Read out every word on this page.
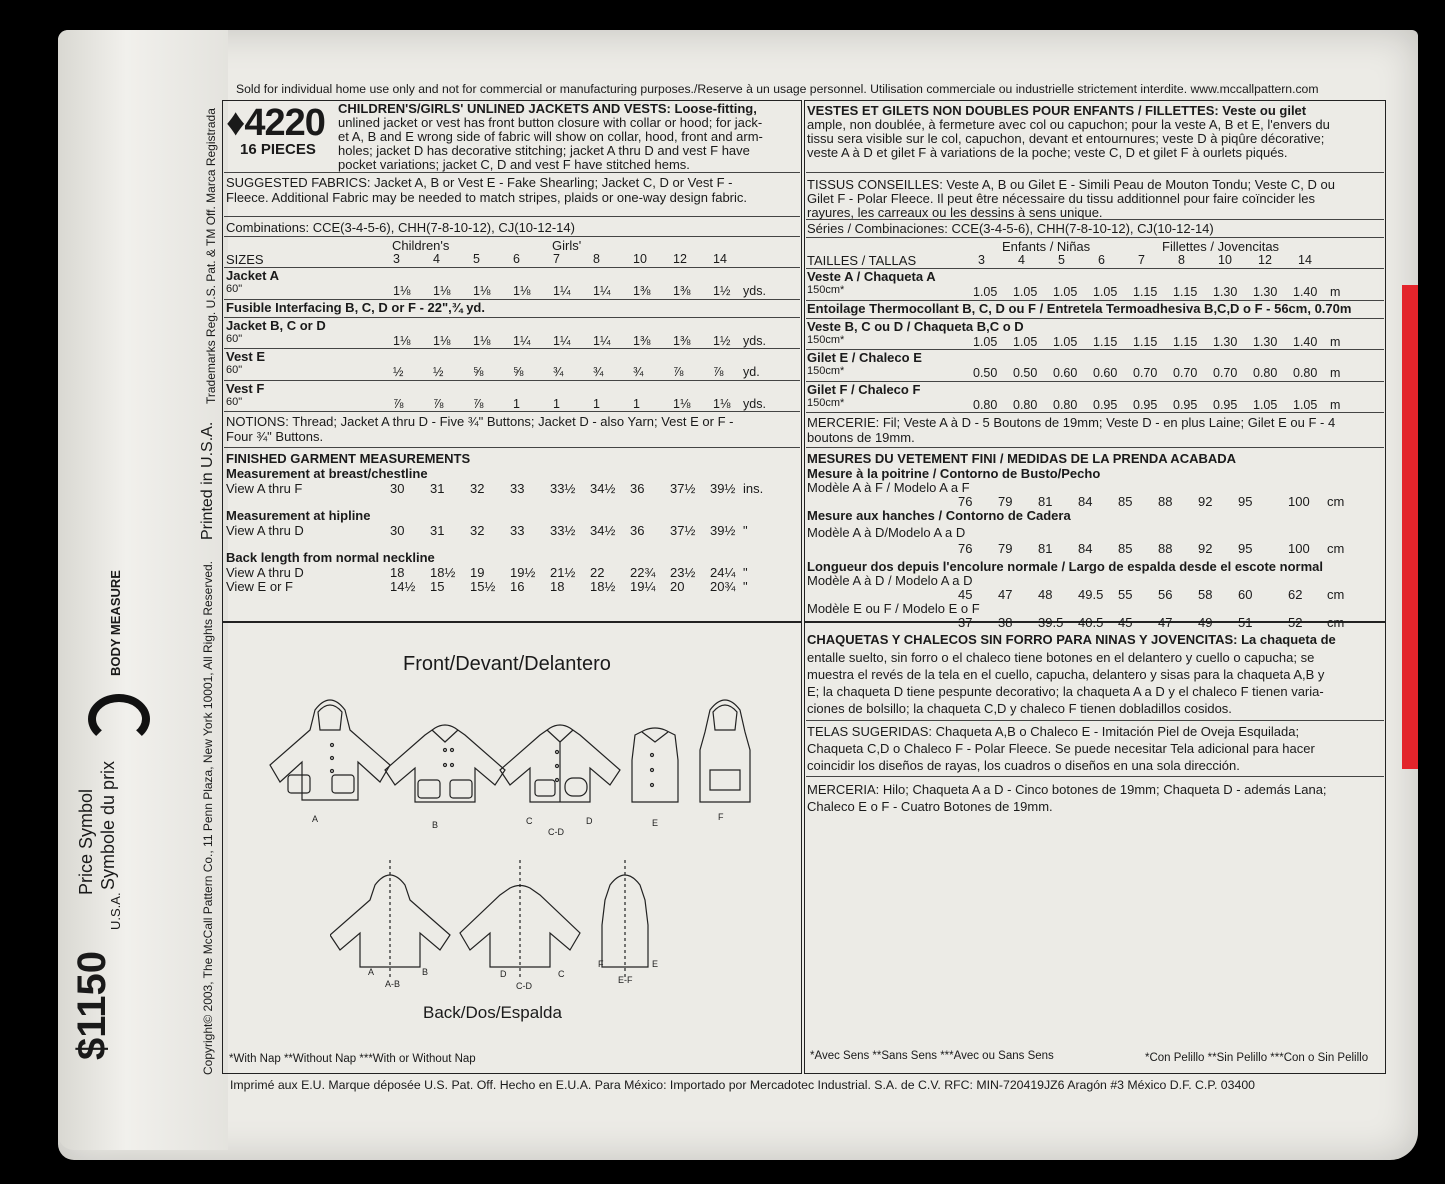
Sold for individual home use only and not for commercial or manufacturing purposes./Reserve à un usage personnel. Utilisation commerciale ou industrielle strictement interdite. www.mccallpattern.com
Trademarks Reg. U.S. Pat. & TM Off. Marca Registrada
Printed in U.S.A.
Copyright© 2003, The McCall Pattern Co., 11 Penn Plaza, New York 10001, All Rights Reserved.
$1150
U.S.A.
Price Symbol Symbole du prix
BODY MEASURE
♦4220
16 PIECES
CHILDREN'S/GIRLS' UNLINED JACKETS AND VESTS: Loose-fitting,
unlined jacket or vest has front button closure with collar or hood; for jack-
et A, B and E wrong side of fabric will show on collar, hood, front and arm-
holes; jacket D has decorative stitching; jacket A thru D and vest F have
pocket variations; jacket C, D and vest F have stitched hems.
SUGGESTED FABRICS: Jacket A, B or Vest E - Fake Shearling; Jacket C, D or Vest F -
Fleece. Additional Fabric may be needed to match stripes, plaids or one-way design fabric.
Combinations: CCE(3-4-5-6), CHH(7-8-10-12), CJ(10-12-14)
Children's	Girls'
SIZES	3	4	5	6	7	8	10 12 14
Jacket A
60"	1⅛ 1⅛ 1⅛ 1⅛ 1¼ 1¼ 1⅜ 1⅜ 1½ yds.
Fusible Interfacing B, C, D or F - 22",¾ yd.
Jacket B, C or D
60"	1⅛ 1⅛ 1⅛ 1¼ 1¼ 1¼ 1⅜ 1⅜ 1½ yds.
Vest E
60"	½ ½ ⅝ ⅝ ¾ ¾ ¾ ⅞ ⅞ yd.
Vest F
60"	⅞ ⅞ ⅞ 1	1	1	1	1⅛ 1⅛ yds.
NOTIONS: Thread; Jacket A thru D - Five ¾" Buttons; Jacket D - also Yarn; Vest E or F -
Four ¾" Buttons.
FINISHED GARMENT MEASUREMENTS
Measurement at breast/chestline
View A thru F	30 31 32 33 33½ 34½ 36 37½ 39½ ins.
Measurement at hipline
View A thru D	30 31 32 33 33½ 34½ 36 37½ 39½ "
Back length from normal neckline
View A thru D	18 18½ 19 19½ 21½ 22 22¾ 23½ 24¼ "
View E or F	14½ 15 15½ 16 18 18½ 19¼ 20 20¾ "
Front/Devant/Delantero
A
B	C
C-D
D	E
F
A
A-B
B	D
C-D
C
F
E-F
E
Back/Dos/Espalda
*With Nap **Without Nap ***With or Without Nap
VESTES ET GILETS NON DOUBLES POUR ENFANTS / FILLETTES: Veste ou gilet
ample, non doublée, à fermeture avec col ou capuchon; pour la veste A, B et E, l'envers du
tissu sera visible sur le col, capuchon, devant et entournures; veste D à piqûre décorative;
veste A à D et gilet F à variations de la poche; veste C, D et gilet F à ourlets piqués.
TISSUS CONSEILLES: Veste A, B ou Gilet E - Simili Peau de Mouton Tondu; Veste C, D ou
Gilet F - Polar Fleece. Il peut être nécessaire du tissu additionnel pour faire coïncider les
rayures, les carreaux ou les dessins à sens unique.
Séries / Combinaciones: CCE(3-4-5-6), CHH(7-8-10-12), CJ(10-12-14)
Enfants / Niñas	Fillettes / Jovencitas
TAILLES / TALLAS	3	4	5	6	7	8	10 12 14
Veste A / Chaqueta A
150cm*	1.05 1.05 1.05 1.05 1.15 1.15 1.30 1.30 1.40 m
Entoilage Thermocollant B, C, D ou F / Entretela Termoadhesiva B,C,D o F - 56cm, 0.70m
Veste B, C ou D / Chaqueta B,C o D
150cm*	1.05 1.05 1.05 1.15 1.15 1.15 1.30 1.30 1.40 m
Gilet E / Chaleco E
150cm*	0.50 0.50 0.60 0.60 0.70 0.70 0.70 0.80 0.80 m
Gilet F / Chaleco F
150cm*	0.80 0.80 0.80 0.95 0.95 0.95 0.95 1.05 1.05 m
MERCERIE: Fil; Veste A à D - 5 Boutons de 19mm; Veste D - en plus Laine; Gilet E ou F - 4
boutons de 19mm.
MESURES DU VETEMENT FINI / MEDIDAS DE LA PRENDA ACABADA
Mesure à la poitrine / Contorno de Busto/Pecho
Modèle A à F / Modelo A a F
76 79 81 84 85 88 92 95	100 cm
Mesure aux hanches / Contorno de Cadera
Modèle A à D/Modelo A a D
76 79 81 84 85 88 92 95	100 cm
Longueur dos depuis l'encolure normale / Largo de espalda desde el escote normal
Modèle A à D / Modelo A a D
45 47 48 49.5 55 56 58 60	62 cm
Modèle E ou F / Modelo E o F
37 38 39.5 40.5 45 47 49 51	52 cm
CHAQUETAS Y CHALECOS SIN FORRO PARA NINAS Y JOVENCITAS: La chaqueta de
entalle suelto, sin forro o el chaleco tiene botones en el delantero y cuello o capucha; se
muestra el revés de la tela en el cuello, capucha, delantero y sisas para la chaqueta A,B y
E; la chaqueta D tiene pespunte decorativo; la chaqueta A a D y el chaleco F tienen varia-
ciones de bolsillo; la chaqueta C,D y chaleco F tienen dobladillos cosidos.
TELAS SUGERIDAS: Chaqueta A,B o Chaleco E - Imitación Piel de Oveja Esquilada;
Chaqueta C,D o Chaleco F - Polar Fleece. Se puede necesitar Tela adicional para hacer
coincidir los diseños de rayas, los cuadros o diseños en una sola dirección.
MERCERIA: Hilo; Chaqueta A a D - Cinco botones de 19mm; Chaqueta D - además Lana;
Chaleco E o F - Cuatro Botones de 19mm.
*Avec Sens **Sans Sens ***Avec ou Sans Sens	*Con Pelillo **Sin Pelillo ***Con o Sin Pelillo
Imprimé aux E.U. Marque déposée U.S. Pat. Off. Hecho en E.U.A. Para México: Importado por Mercadotec Industrial. S.A. de C.V. RFC: MIN-720419JZ6 Aragón #3 México D.F. C.P. 03400
